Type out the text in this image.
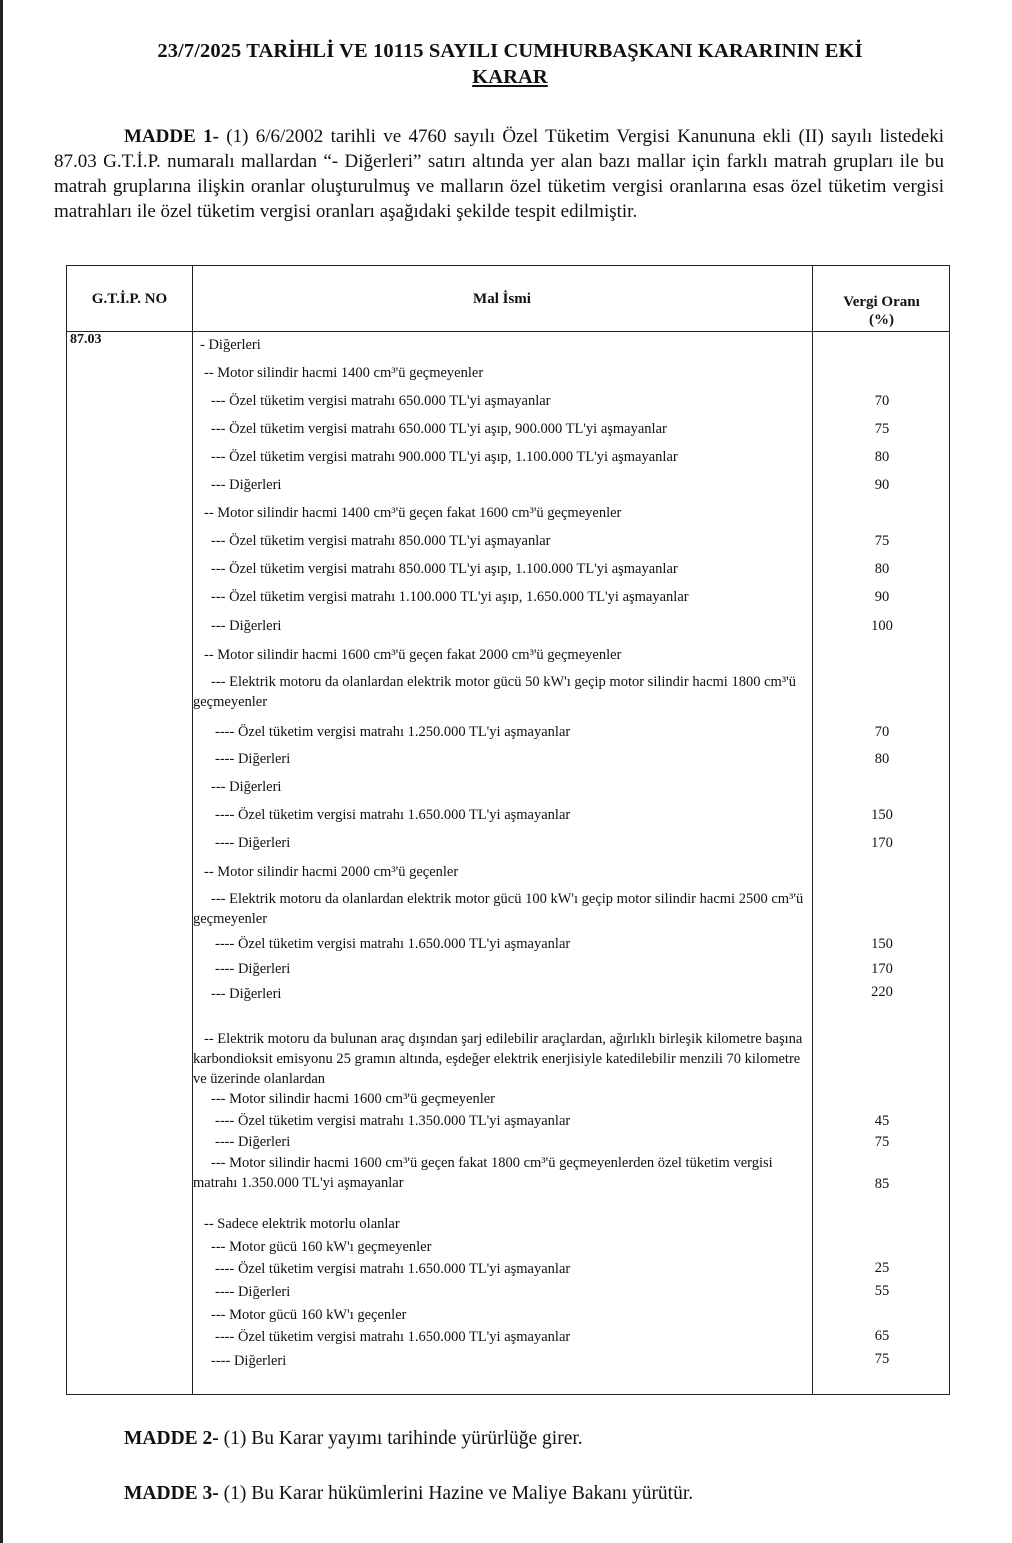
23/7/2025 TARİHLİ VE 10115 SAYILI CUMHURBAŞKANI KARARININ EKİ
KARAR
MADDE 1- (1) 6/6/2002 tarihli ve 4760 sayılı Özel Tüketim Vergisi Kanununa ekli (II) sayılı listedeki 87.03 G.T.İ.P. numaralı mallardan “- Diğerleri” satırı altında yer alan bazı mallar için farklı matrah grupları ile bu matrah gruplarına ilişkin oranlar oluşturulmuş ve malların özel tüketim vergisi oranlarına esas özel tüketim vergisi matrahları ile özel tüketim vergisi oranları aşağıdaki şekilde tespit edilmiştir.
G.T.İ.P. NO	Mal İsmi	Vergi Oranı
(%)
87.03	- Diğerleri
-- Motor silindir hacmi 1400 cm³'ü geçmeyenler
--- Özel tüketim vergisi matrahı 650.000 TL'yi aşmayanlar	70
--- Özel tüketim vergisi matrahı 650.000 TL'yi aşıp, 900.000 TL'yi aşmayanlar	75
--- Özel tüketim vergisi matrahı 900.000 TL'yi aşıp, 1.100.000 TL'yi aşmayanlar	80
--- Diğerleri	90
-- Motor silindir hacmi 1400 cm³'ü geçen fakat 1600 cm³'ü geçmeyenler
--- Özel tüketim vergisi matrahı 850.000 TL'yi aşmayanlar	75
--- Özel tüketim vergisi matrahı 850.000 TL'yi aşıp, 1.100.000 TL'yi aşmayanlar	80
--- Özel tüketim vergisi matrahı 1.100.000 TL'yi aşıp, 1.650.000 TL'yi aşmayanlar	90
--- Diğerleri	100
-- Motor silindir hacmi 1600 cm³'ü geçen fakat 2000 cm³'ü geçmeyenler
--- Elektrik motoru da olanlardan elektrik motor gücü 50 kW'ı geçip motor silindir hacmi 1800 cm³'ü geçmeyenler
---- Özel tüketim vergisi matrahı 1.250.000 TL'yi aşmayanlar	70
---- Diğerleri	80
--- Diğerleri
---- Özel tüketim vergisi matrahı 1.650.000 TL'yi aşmayanlar	150
---- Diğerleri	170
-- Motor silindir hacmi 2000 cm³'ü geçenler
--- Elektrik motoru da olanlardan elektrik motor gücü 100 kW'ı geçip motor silindir hacmi 2500 cm³'ü geçmeyenler
---- Özel tüketim vergisi matrahı 1.650.000 TL'yi aşmayanlar	150
---- Diğerleri	170
--- Diğerleri	220
-- Elektrik motoru da bulunan araç dışından şarj edilebilir araçlardan, ağırlıklı birleşik kilometre başına karbondioksit emisyonu 25 gramın altında, eşdeğer elektrik enerjisiyle katedilebilir menzili 70 kilometre ve üzerinde olanlardan
--- Motor silindir hacmi 1600 cm³'ü geçmeyenler
---- Özel tüketim vergisi matrahı 1.350.000 TL'yi aşmayanlar	45
---- Diğerleri	75
--- Motor silindir hacmi 1600 cm³'ü geçen fakat 1800 cm³'ü geçmeyenlerden özel tüketim vergisi matrahı 1.350.000 TL'yi aşmayanlar	85
-- Sadece elektrik motorlu olanlar
--- Motor gücü 160 kW'ı geçmeyenler
---- Özel tüketim vergisi matrahı 1.650.000 TL'yi aşmayanlar	25
---- Diğerleri	55
--- Motor gücü 160 kW'ı geçenler
---- Özel tüketim vergisi matrahı 1.650.000 TL'yi aşmayanlar	65
---- Diğerleri	75
MADDE 2- (1) Bu Karar yayımı tarihinde yürürlüğe girer.
MADDE 3- (1) Bu Karar hükümlerini Hazine ve Maliye Bakanı yürütür.
